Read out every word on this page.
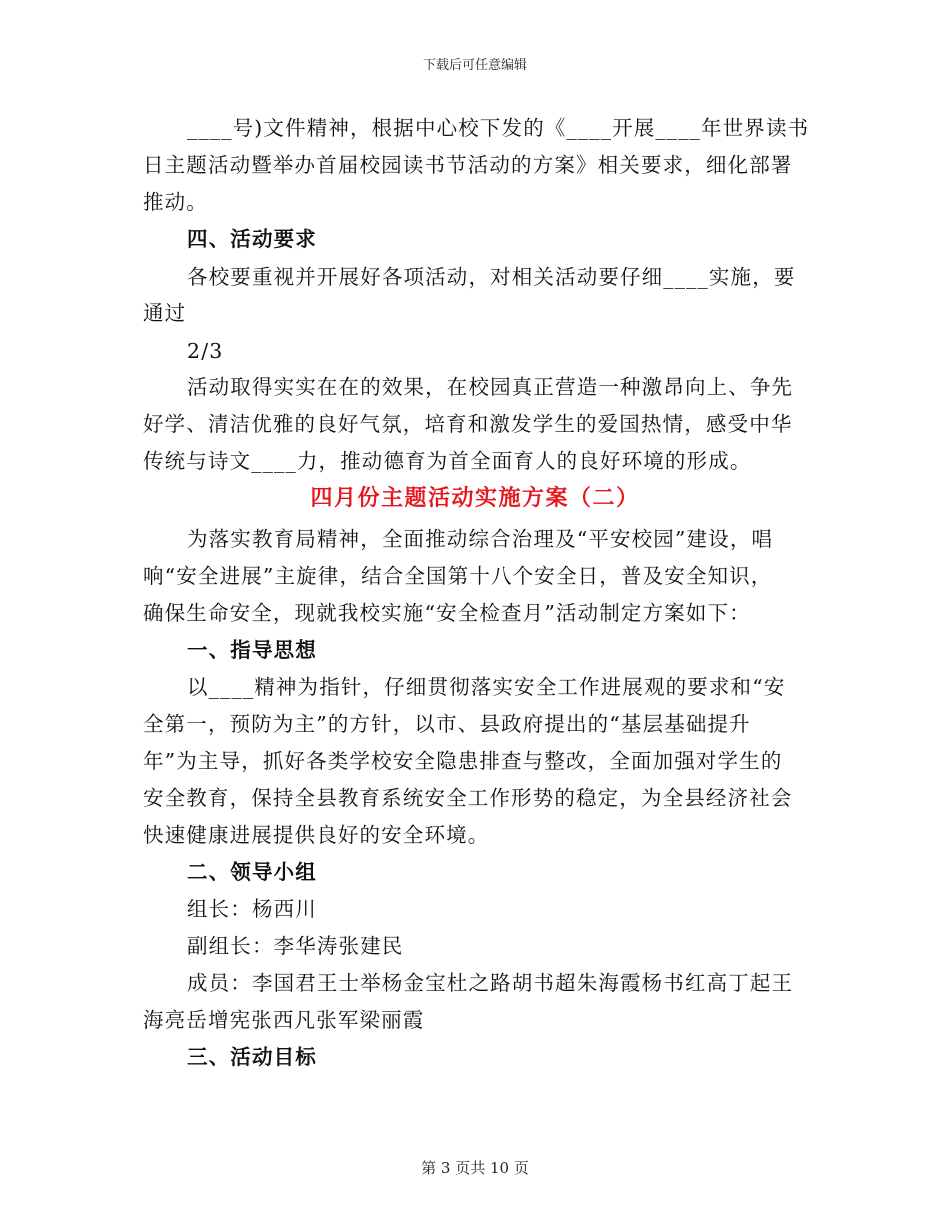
下载后可任意编辑
____号)文件精神，根据中心校下发的《____开展____年世界读书
日主题活动暨举办首届校园读书节活动的方案》相关要求，细化部署
推动。
四、活动要求
各校要重视并开展好各项活动，对相关活动要仔细____实施，要
通过
2/3
活动取得实实在在的效果，在校园真正营造一种激昂向上、争先
好学、清洁优雅的良好气氛，培育和激发学生的爱国热情，感受中华
传统与诗文____力，推动德育为首全面育人的良好环境的形成。
四月份主题活动实施方案（二）
为落实教育局精神，全面推动综合治理及“平安校园”建设，唱
响“安全进展”主旋律，结合全国第十八个安全日，普及安全知识，
确保生命安全，现就我校实施“安全检查月”活动制定方案如下：
一、指导思想
以____精神为指针，仔细贯彻落实安全工作进展观的要求和“安
全第一，预防为主”的方针，以市、县政府提出的“基层基础提升
年”为主导，抓好各类学校安全隐患排查与整改，全面加强对学生的
安全教育，保持全县教育系统安全工作形势的稳定，为全县经济社会
快速健康进展提供良好的安全环境。
二、领导小组
组长：杨西川
副组长：李华涛张建民
成员：李国君王士举杨金宝杜之路胡书超朱海霞杨书红高丁起王
海亮岳增宪张西凡张军梁丽霞
三、活动目标
第 3 页共 10 页
